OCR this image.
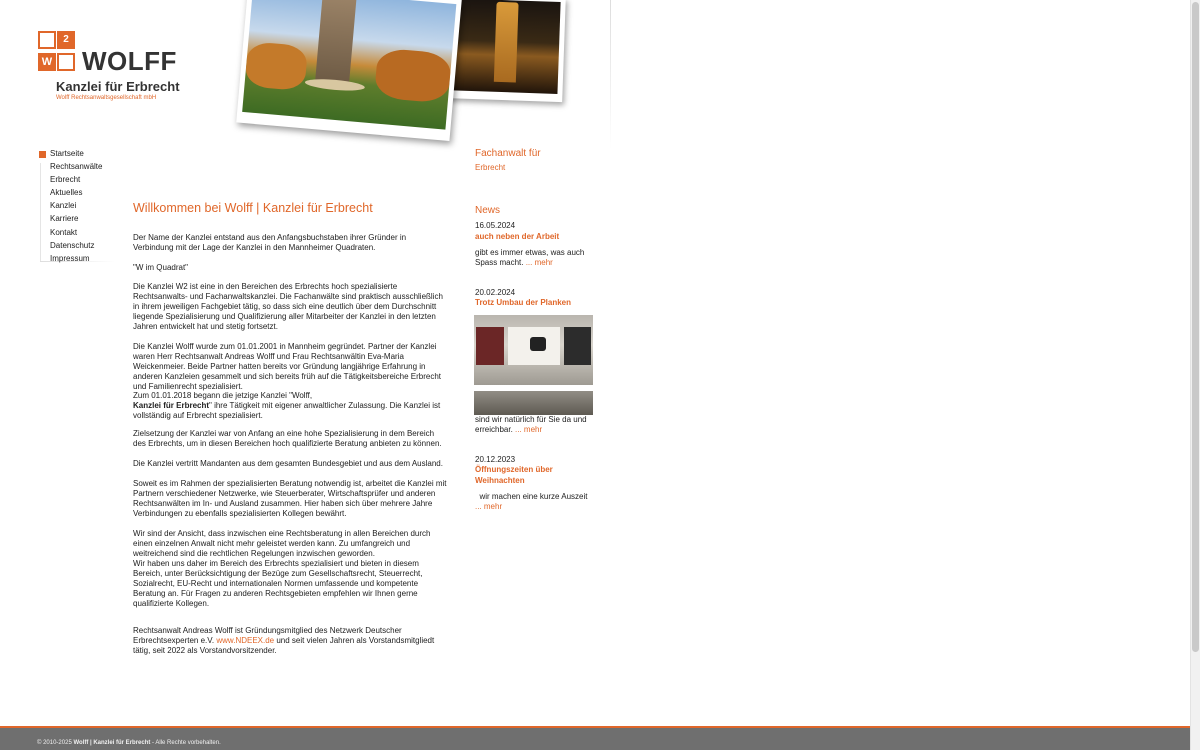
2
W WOLFF
Kanzlei für Erbrecht
Wolff Rechtsanwaltsgesellschaft mbH
Startseite
Rechtsanwälte
Erbrecht
Aktuelles
Kanzlei
Karriere
Kontakt
Datenschutz
Impressum
Willkommen bei Wolff | Kanzlei für Erbrecht
Der Name der Kanzlei entstand aus den Anfangsbuchstaben ihrer Gründer in Verbindung mit der Lage der Kanzlei in den Mannheimer Quadraten.
"W im Quadrat"
Die Kanzlei W2 ist eine in den Bereichen des Erbrechts hoch spezialisierte Rechtsanwalts- und Fachanwaltskanzlei. Die Fachanwälte sind praktisch ausschließlich in ihrem jeweiligen Fachgebiet tätig, so dass sich eine deutlich über dem Durchschnitt liegende Spezialisierung und Qualifizierung aller Mitarbeiter der Kanzlei in den letzten Jahren entwickelt hat und stetig fortsetzt.
Die Kanzlei Wolff wurde zum 01.01.2001 in Mannheim gegründet. Partner der Kanzlei waren Herr Rechtsanwalt Andreas Wolff und Frau Rechtsanwältin Eva-Maria Weickenmeier. Beide Partner hatten bereits vor Gründung langjährige Erfahrung in anderen Kanzleien gesammelt und sich bereits früh auf die Tätigkeitsbereiche Erbrecht und Familienrecht spezialisiert.
Zum 01.01.2018 begann die jetzige Kanzlei "Wolff,
Kanzlei für Erbrecht" ihre Tätigkeit mit eigener anwaltlicher Zulassung. Die Kanzlei ist vollständig auf Erbrecht spezialisiert.
Zielsetzung der Kanzlei war von Anfang an eine hohe Spezialisierung in dem Bereich des Erbrechts, um in diesen Bereichen hoch qualifizierte Beratung anbieten zu können.
Die Kanzlei vertritt Mandanten aus dem gesamten Bundesgebiet und aus dem Ausland.
Soweit es im Rahmen der spezialisierten Beratung notwendig ist, arbeitet die Kanzlei mit Partnern verschiedener Netzwerke, wie Steuerberater, Wirtschaftsprüfer und anderen Rechtsanwälten im In- und Ausland zusammen. Hier haben sich über mehrere Jahre Verbindungen zu ebenfalls spezialisierten Kollegen bewährt.
Wir sind der Ansicht, dass inzwischen eine Rechtsberatung in allen Bereichen durch einen einzelnen Anwalt nicht mehr geleistet werden kann. Zu umfangreich und weitreichend sind die rechtlichen Regelungen inzwischen geworden.
Wir haben uns daher im Bereich des Erbrechts spezialisiert und bieten in diesem Bereich, unter Berücksichtigung der Bezüge zum Gesellschaftsrecht, Steuerrecht, Sozialrecht, EU-Recht und internationalen Normen umfassende und kompetente Beratung an. Für Fragen zu anderen Rechtsgebieten empfehlen wir Ihnen gerne qualifizierte Kollegen.
Rechtsanwalt Andreas Wolff ist Gründungsmitglied des Netzwerk Deutscher Erbrechtsexperten e.V. www.NDEEX.de und seit vielen Jahren als Vorstandsmitgliedt tätig, seit 2022 als Vorstandvorsitzender.
Fachanwalt für
Erbrecht
News
16.05.2024
auch neben der Arbeit
gibt es immer etwas, was auch Spass macht. ... mehr
20.02.2024
Trotz Umbau der Planken
sind wir natürlich für Sie da und erreichbar. ... mehr
20.12.2023
Öffnungszeiten über Weihnachten
wir machen eine kurze Auszeit ... mehr
© 2010-2025 Wolff | Kanzlei für Erbrecht - Alle Rechte vorbehalten.
